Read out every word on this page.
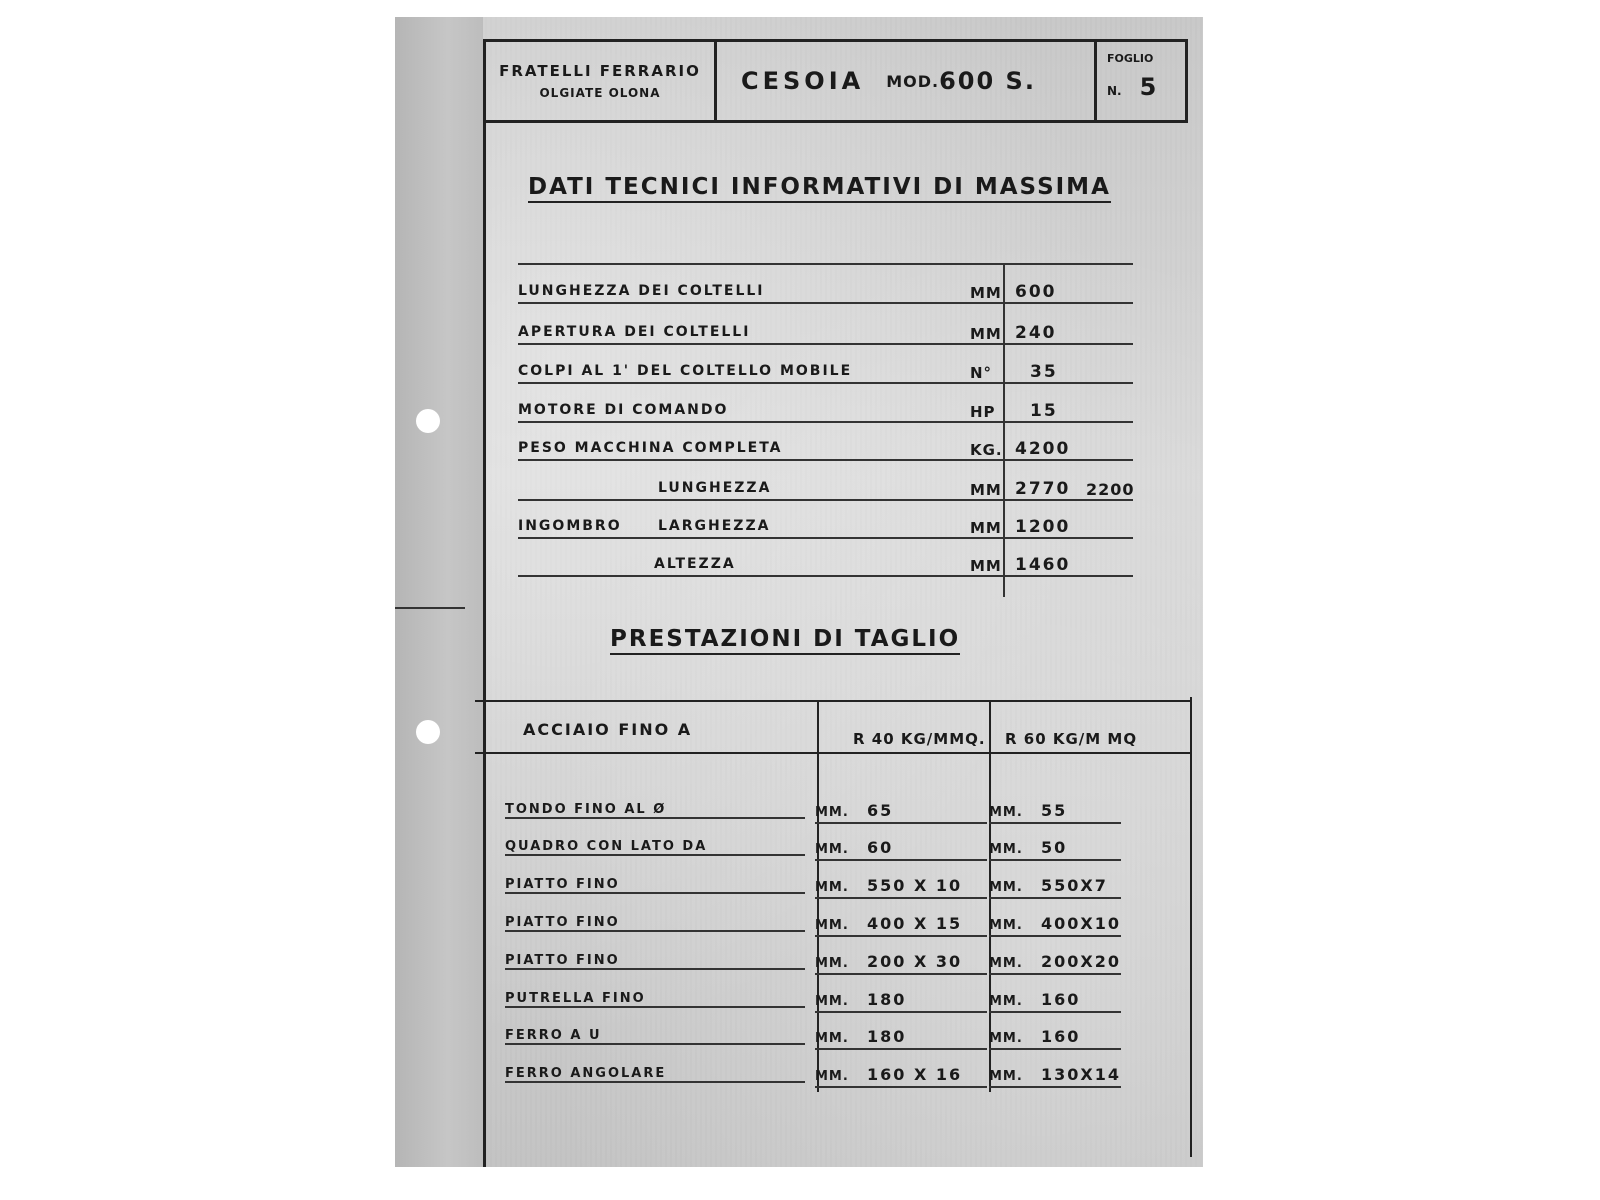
FRATELLI FERRARIO
OLGIATE OLONA	CESOIA MOD. 600 S.
FOGLIO
N. 5
DATI TECNICI INFORMATIVI DI MASSIMA
LUNGHEZZA DEI COLTELLI	MM 600
APERTURA DEI COLTELLI	MM 240
COLPI AL 1' DEL COLTELLO MOBILE	N° 35
MOTORE DI COMANDO	HP 15
PESO MACCHINA COMPLETA	KG. 4200
LUNGHEZZA	MM 2770 2200
INGOMBRO	LARGHEZZA	MM 1200
ALTEZZA	MM 1460
PRESTAZIONI DI TAGLIO
ACCIAIO FINO A	R 40 KG/MMQ. R 60 KG/M MQ
TONDO FINO AL Ø	MM.	65	MM.	55
QUADRO CON LATO DA	MM.	60	MM.	50
PIATTO FINO	MM.	550 X 10 MM.	550X7
PIATTO FINO	MM.	400 X 15 MM.	400X10
PIATTO FINO	MM.	200 X 30 MM.	200X20
PUTRELLA FINO	MM.	180	MM.	160
FERRO A U	MM.	180	MM.	160
FERRO ANGOLARE	MM.	160 X 16 MM.	130X14
